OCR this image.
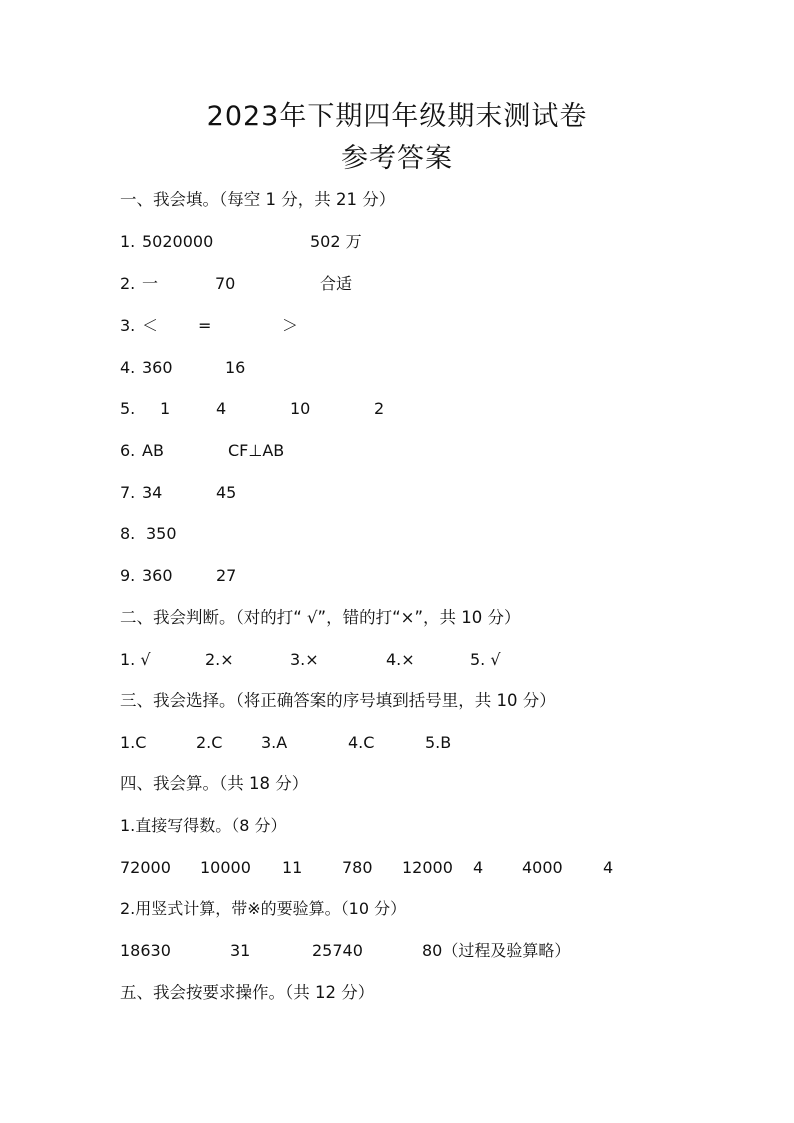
2023年下期四年级期末测试卷
参考答案
一、我会填。（每空 1 分，共 21 分）
1. 5020000	502 万
2. 一	70	合适
3. ＜ =	＞
4. 360	16
5. 1	4	10	2
6. AB	CF⊥AB
7. 34	45
8. 350
9. 360	27
二、我会判断。（对的打“ √”，错的打“×”，共 10 分）
1. √	2.×	3.×	4.×	5. √
三、我会选择。（将正确答案的序号填到括号里，共 10 分）
1.C	2.C 3.A	4.C	5.B
四、我会算。（共 18 分）
1.直接写得数。（8 分）
72000 10000 11 780 12000 4 4000	4
2.用竖式计算，带※的要验算。（10 分）
18630	31	25740	80（过程及验算略）
五、我会按要求操作。（共 12 分）
